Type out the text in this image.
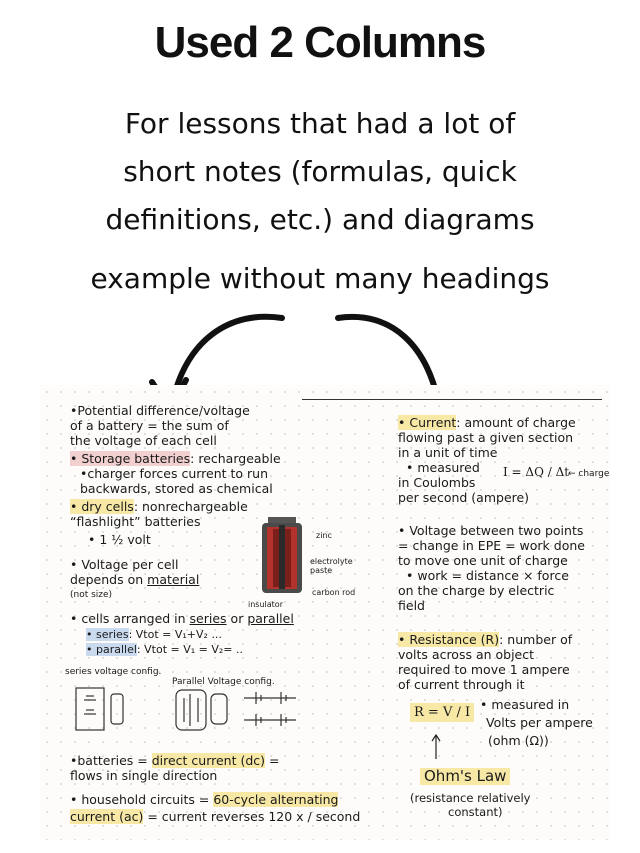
Used 2 Columns
For lessons that had a lot of
short notes (formulas, quick
definitions, etc.) and diagrams
example without many headings
•Potential difference/voltage
of a battery = the sum of
the voltage of each cell
• Storage batteries: rechargeable
•charger forces current to run
backwards, stored as chemical
• dry cells: nonrechargeable
“flashlight” batteries
• 1 ½ volt
• Voltage per cell
depends on material
(not size)
• cells arranged in series or parallel
• series: Vtot = V₁+V₂ ...
• parallel: Vtot = V₁ = V₂= ..
series voltage config.
Parallel Voltage config.
zinc
electrolyte paste
carbon rod
insulator
•batteries = direct current (dc) =
flows in single direction
• household circuits = 60-cycle alternating
current (ac) = current reverses 120 x / second
• Current: amount of charge
flowing past a given section
in a unit of time
• measured
in Coulombs
per second (ampere)
I = ΔQ / Δt
← charge
• Voltage between two points
= change in EPE = work done
to move one unit of charge
• work = distance × force
on the charge by electric
field
• Resistance (R): number of
volts across an object
required to move 1 ampere
of current through it
R = V / I
• measured in
Volts per ampere
(ohm (Ω))
Ohm's Law
(resistance relatively
constant)
